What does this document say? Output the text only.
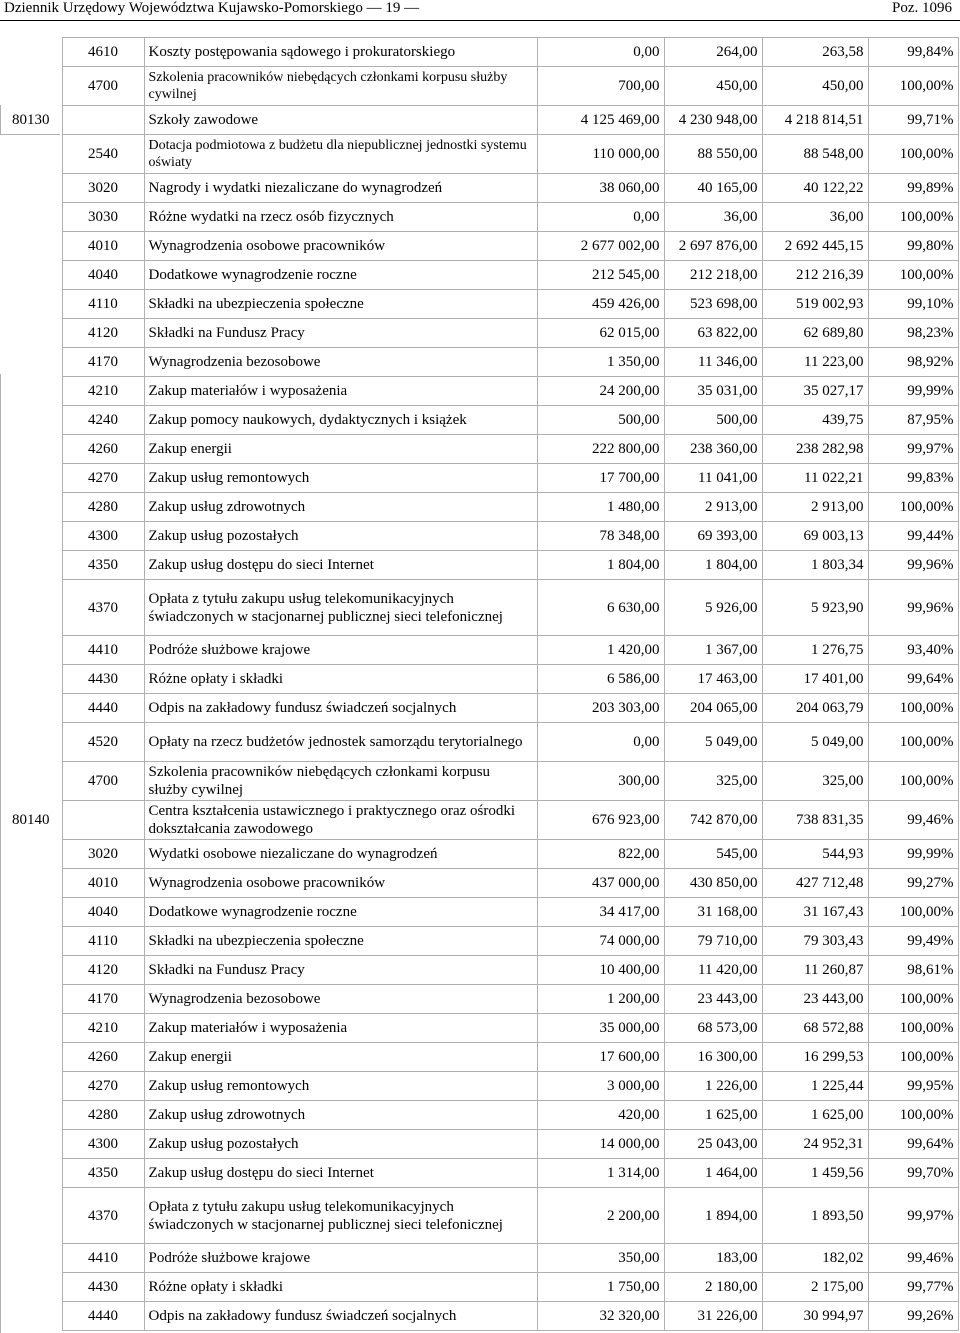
Dziennik Urzędowy Województwa Kujawsko-Pomorskiego — 19 —	Poz. 1096
	4610	Koszty postępowania sądowego i prokuratorskiego	0,00	264,00	263,58	99,84%
	4700	Szkolenia pracowników niebędących członkami korpusu służby cywilnej	700,00	450,00	450,00	100,00%
80130		Szkoły zawodowe	4 125 469,00	4 230 948,00	4 218 814,51	99,71%
	2540	Dotacja podmiotowa z budżetu dla niepublicznej jednostki systemu oświaty	110 000,00	88 550,00	88 548,00	100,00%
	3020	Nagrody i wydatki niezaliczane do wynagrodzeń	38 060,00	40 165,00	40 122,22	99,89%
	3030	Różne wydatki na rzecz osób fizycznych	0,00	36,00	36,00	100,00%
	4010	Wynagrodzenia osobowe pracowników	2 677 002,00	2 697 876,00	2 692 445,15	99,80%
	4040	Dodatkowe wynagrodzenie roczne	212 545,00	212 218,00	212 216,39	100,00%
	4110	Składki na ubezpieczenia społeczne	459 426,00	523 698,00	519 002,93	99,10%
	4120	Składki na Fundusz Pracy	62 015,00	63 822,00	62 689,80	98,23%
	4170	Wynagrodzenia bezosobowe	1 350,00	11 346,00	11 223,00	98,92%
	4210	Zakup materiałów i wyposażenia	24 200,00	35 031,00	35 027,17	99,99%
	4240	Zakup pomocy naukowych, dydaktycznych i książek	500,00	500,00	439,75	87,95%
	4260	Zakup energii	222 800,00	238 360,00	238 282,98	99,97%
	4270	Zakup usług remontowych	17 700,00	11 041,00	11 022,21	99,83%
	4280	Zakup usług zdrowotnych	1 480,00	2 913,00	2 913,00	100,00%
	4300	Zakup usług pozostałych	78 348,00	69 393,00	69 003,13	99,44%
	4350	Zakup usług dostępu do sieci Internet	1 804,00	1 804,00	1 803,34	99,96%
	4370	Opłata z tytułu zakupu usług telekomunikacyjnych świadczonych w stacjonarnej publicznej sieci telefonicznej	6 630,00	5 926,00	5 923,90	99,96%
	4410	Podróże służbowe krajowe	1 420,00	1 367,00	1 276,75	93,40%
	4430	Różne opłaty i składki	6 586,00	17 463,00	17 401,00	99,64%
	4440	Odpis na zakładowy fundusz świadczeń socjalnych	203 303,00	204 065,00	204 063,79	100,00%
	4520	Opłaty na rzecz budżetów jednostek samorządu terytorialnego	0,00	5 049,00	5 049,00	100,00%
	4700	Szkolenia pracowników niebędących członkami korpusu służby cywilnej	300,00	325,00	325,00	100,00%
80140		Centra kształcenia ustawicznego i praktycznego oraz ośrodki dokształcania zawodowego	676 923,00	742 870,00	738 831,35	99,46%
	3020	Wydatki osobowe niezaliczane do wynagrodzeń	822,00	545,00	544,93	99,99%
	4010	Wynagrodzenia osobowe pracowników	437 000,00	430 850,00	427 712,48	99,27%
	4040	Dodatkowe wynagrodzenie roczne	34 417,00	31 168,00	31 167,43	100,00%
	4110	Składki na ubezpieczenia społeczne	74 000,00	79 710,00	79 303,43	99,49%
	4120	Składki na Fundusz Pracy	10 400,00	11 420,00	11 260,87	98,61%
	4170	Wynagrodzenia bezosobowe	1 200,00	23 443,00	23 443,00	100,00%
	4210	Zakup materiałów i wyposażenia	35 000,00	68 573,00	68 572,88	100,00%
	4260	Zakup energii	17 600,00	16 300,00	16 299,53	100,00%
	4270	Zakup usług remontowych	3 000,00	1 226,00	1 225,44	99,95%
	4280	Zakup usług zdrowotnych	420,00	1 625,00	1 625,00	100,00%
	4300	Zakup usług pozostałych	14 000,00	25 043,00	24 952,31	99,64%
	4350	Zakup usług dostępu do sieci Internet	1 314,00	1 464,00	1 459,56	99,70%
	4370	Opłata z tytułu zakupu usług telekomunikacyjnych świadczonych w stacjonarnej publicznej sieci telefonicznej	2 200,00	1 894,00	1 893,50	99,97%
	4410	Podróże służbowe krajowe	350,00	183,00	182,02	99,46%
	4430	Różne opłaty i składki	1 750,00	2 180,00	2 175,00	99,77%
	4440	Odpis na zakładowy fundusz świadczeń socjalnych	32 320,00	31 226,00	30 994,97	99,26%
